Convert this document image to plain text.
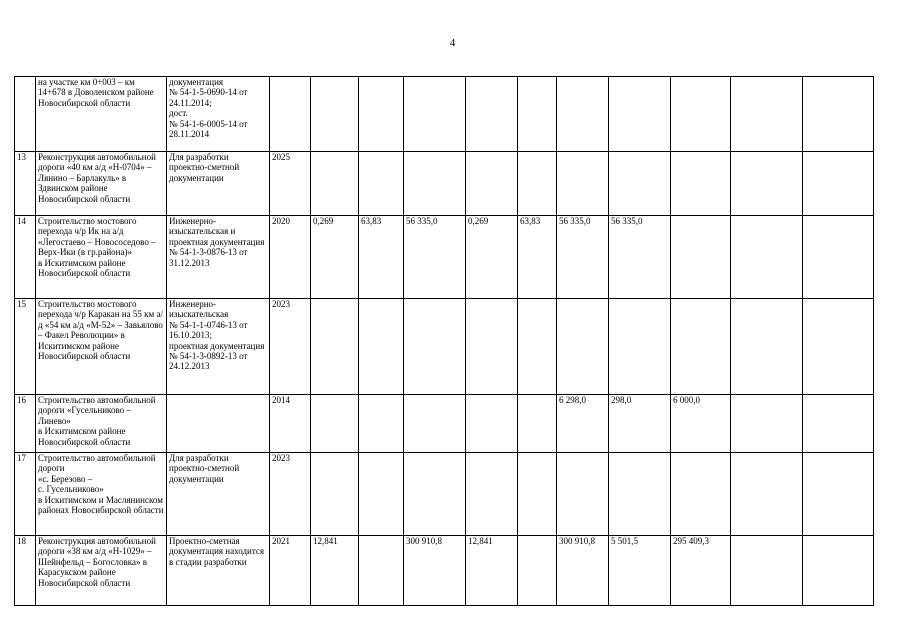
4
	на участке км 0+003 – км 14+678 в Доволенском районе Новосибирской области	документация
№ 54-1-5-0690-14 от 24.11.2014;
дост.
№ 54-1-6-0005-14 от 28.11.2014											
13	Реконструкция автомобильной дороги «40 км а/д «Н-0704» – Лянино – Барлакуль» в Здвинском районе Новосибирской области	Для разработки проектно-сметной документации	2025										
14	Строительство мостового перехода ч/р Ик на а/д «Легостаево – Новососедово – Верх-Ики (в гр.района)»
в Искитимском районе Новосибирской области	Инженерно-изыскательская и проектная документация
№ 54-1-3-0876-13 от 31.12.2013	2020	0,269	63,83	56 335,0	0,269	63,83	56 335,0	56 335,0			
15	Строительство мостового перехода ч/р Каракан на 55 км а/д «54 км а/д «М-52» – Завьялово – Факел Революции» в Искитимском районе Новосибирской области	Инженерно-изыскательская
№ 54-1-1-0746-13 от 16.10.2013;
проектная документация
№ 54-1-3-0892-13 от 24.12.2013	2023										
16	Строительство автомобильной дороги «Гусельниково – Линево»
в Искитимском районе Новосибирской области		2014						6 298,0	298,0	6 000,0		
17	Строительство автомобильной дороги
«с. Березово –
с. Гусельниково»
в Искитимском и Маслянинском районах Новосибирской области	Для разработки проектно-сметной документации	2023										
18	Реконструкция автомобильной дороги «38 км а/д «Н-1029» – Шейнфельд – Богословка» в Карасукском районе Новосибирской области	Проектно-сметная документация находится в стадии разработки	2021	12,841		300 910,8	12,841		300 910,8	5 501,5	295 409,3		
